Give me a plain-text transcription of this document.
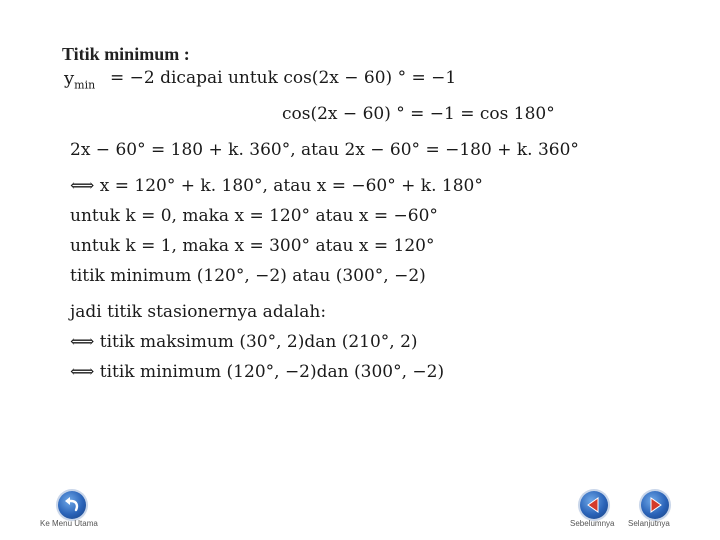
Titik minimum :
$y_{min} = -2$ dicapai untuk cos(2x − 60) ° = −1
cos(2x − 60) ° = −1 = cos 180°
2x − 60° = 180 + k. 360°, atau 2x − 60° = −180 + k. 360°
⟺ x = 120° + k. 180°, atau x = −60° + k. 180°
untuk k = 0, maka x = 120° atau x = −60°
untuk k = 1, maka x = 300° atau x = 120°
titik minimum (120°, −2) atau (300°, −2)
jadi titik stasionernya adalah:
⟺ titik maksimum (30°, 2)dan (210°, 2)
⟺ titik minimum (120°, −2)dan (300°, −2)
Ke Menu Utama	Sebelumnya Selanjutnya
